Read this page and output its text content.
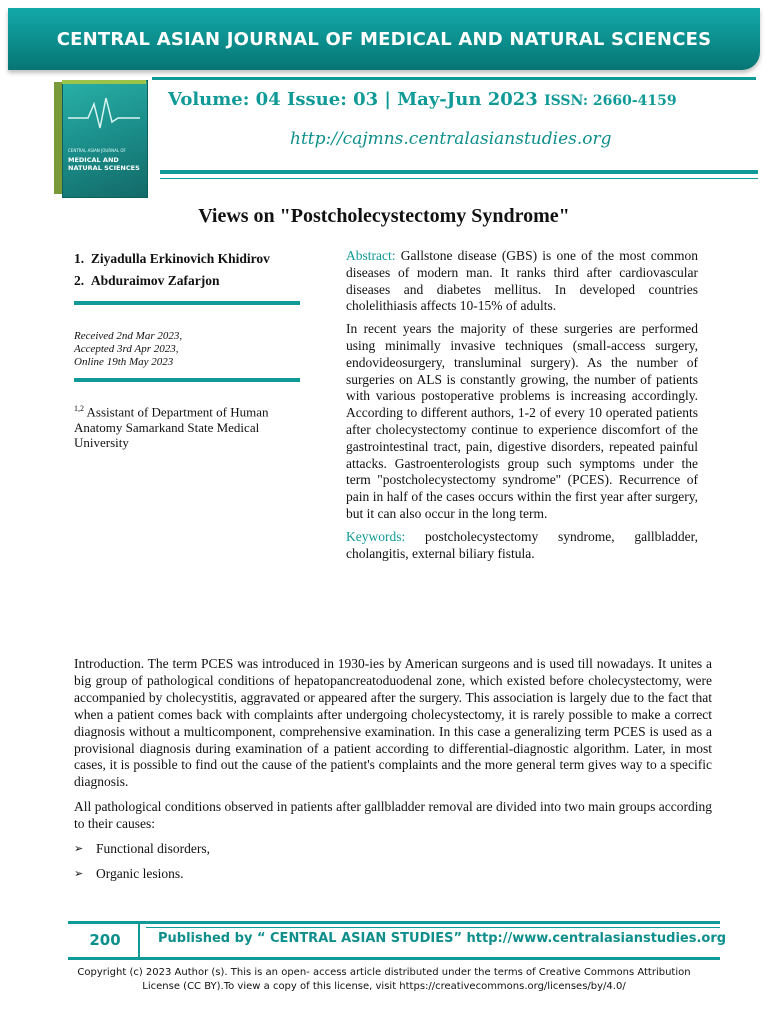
CENTRAL ASIAN JOURNAL OF MEDICAL AND NATURAL SCIENCES
CENTRAL ASIAN JOURNAL OF
MEDICAL AND NATURAL SCIENCES
Volume: 04 Issue: 03 | May-Jun 2023 ISSN: 2660-4159
http://cajmns.centralasianstudies.org
Views on "Postcholecystectomy Syndrome"
1.  Ziyadulla Erkinovich Khidirov
2.  Abduraimov Zafarjon
Received 2nd Mar 2023,
Accepted 3rd Apr 2023,
Online 19th May 2023
$^{1,2}$ Assistant of Department of Human Anatomy Samarkand State Medical University

Abstract: Gallstone disease (GBS) is one of the most common diseases of modern man. It ranks third after cardiovascular diseases and diabetes mellitus. In developed countries cholelithiasis affects 10-15% of adults.

In recent years the majority of these surgeries are performed using minimally invasive techniques (small-access surgery, endovideosurgery, transluminal surgery). As the number of surgeries on ALS is constantly growing, the number of patients with various postoperative problems is increasing accordingly. According to different authors, 1-2 of every 10 operated patients after cholecystectomy continue to experience discomfort of the gastrointestinal tract, pain, digestive disorders, repeated painful attacks. Gastroenterologists group such symptoms under the term "postcholecystectomy syndrome" (PCES). Recurrence of pain in half of the cases occurs within the first year after surgery, but it can also occur in the long term.

Keywords: postcholecystectomy syndrome, gallbladder, cholangitis, external biliary fistula.

Introduction. The term PCES was introduced in 1930-ies by American surgeons and is used till nowadays. It unites a big group of pathological conditions of hepatopancreatoduodenal zone, which existed before cholecystectomy, were accompanied by cholecystitis, aggravated or appeared after the surgery. This association is largely due to the fact that when a patient comes back with complaints after undergoing cholecystectomy, it is rarely possible to make a correct diagnosis without a multicomponent, comprehensive examination. In this case a generalizing term PCES is used as a provisional diagnosis during examination of a patient according to differential-diagnostic algorithm. Later, in most cases, it is possible to find out the cause of the patient's complaints and the more general term gives way to a specific diagnosis.

All pathological conditions observed in patients after gallbladder removal are divided into two main groups according to their causes:

➢ Functional disorders,
➢ Organic lesions.
200	Published by “ CENTRAL ASIAN STUDIES” http://www.centralasianstudies.org
Copyright (c) 2023 Author (s). This is an open- access article distributed under the terms of Creative Commons Attribution License (CC BY).To view a copy of this license, visit https://creativecommons.org/licenses/by/4.0/
